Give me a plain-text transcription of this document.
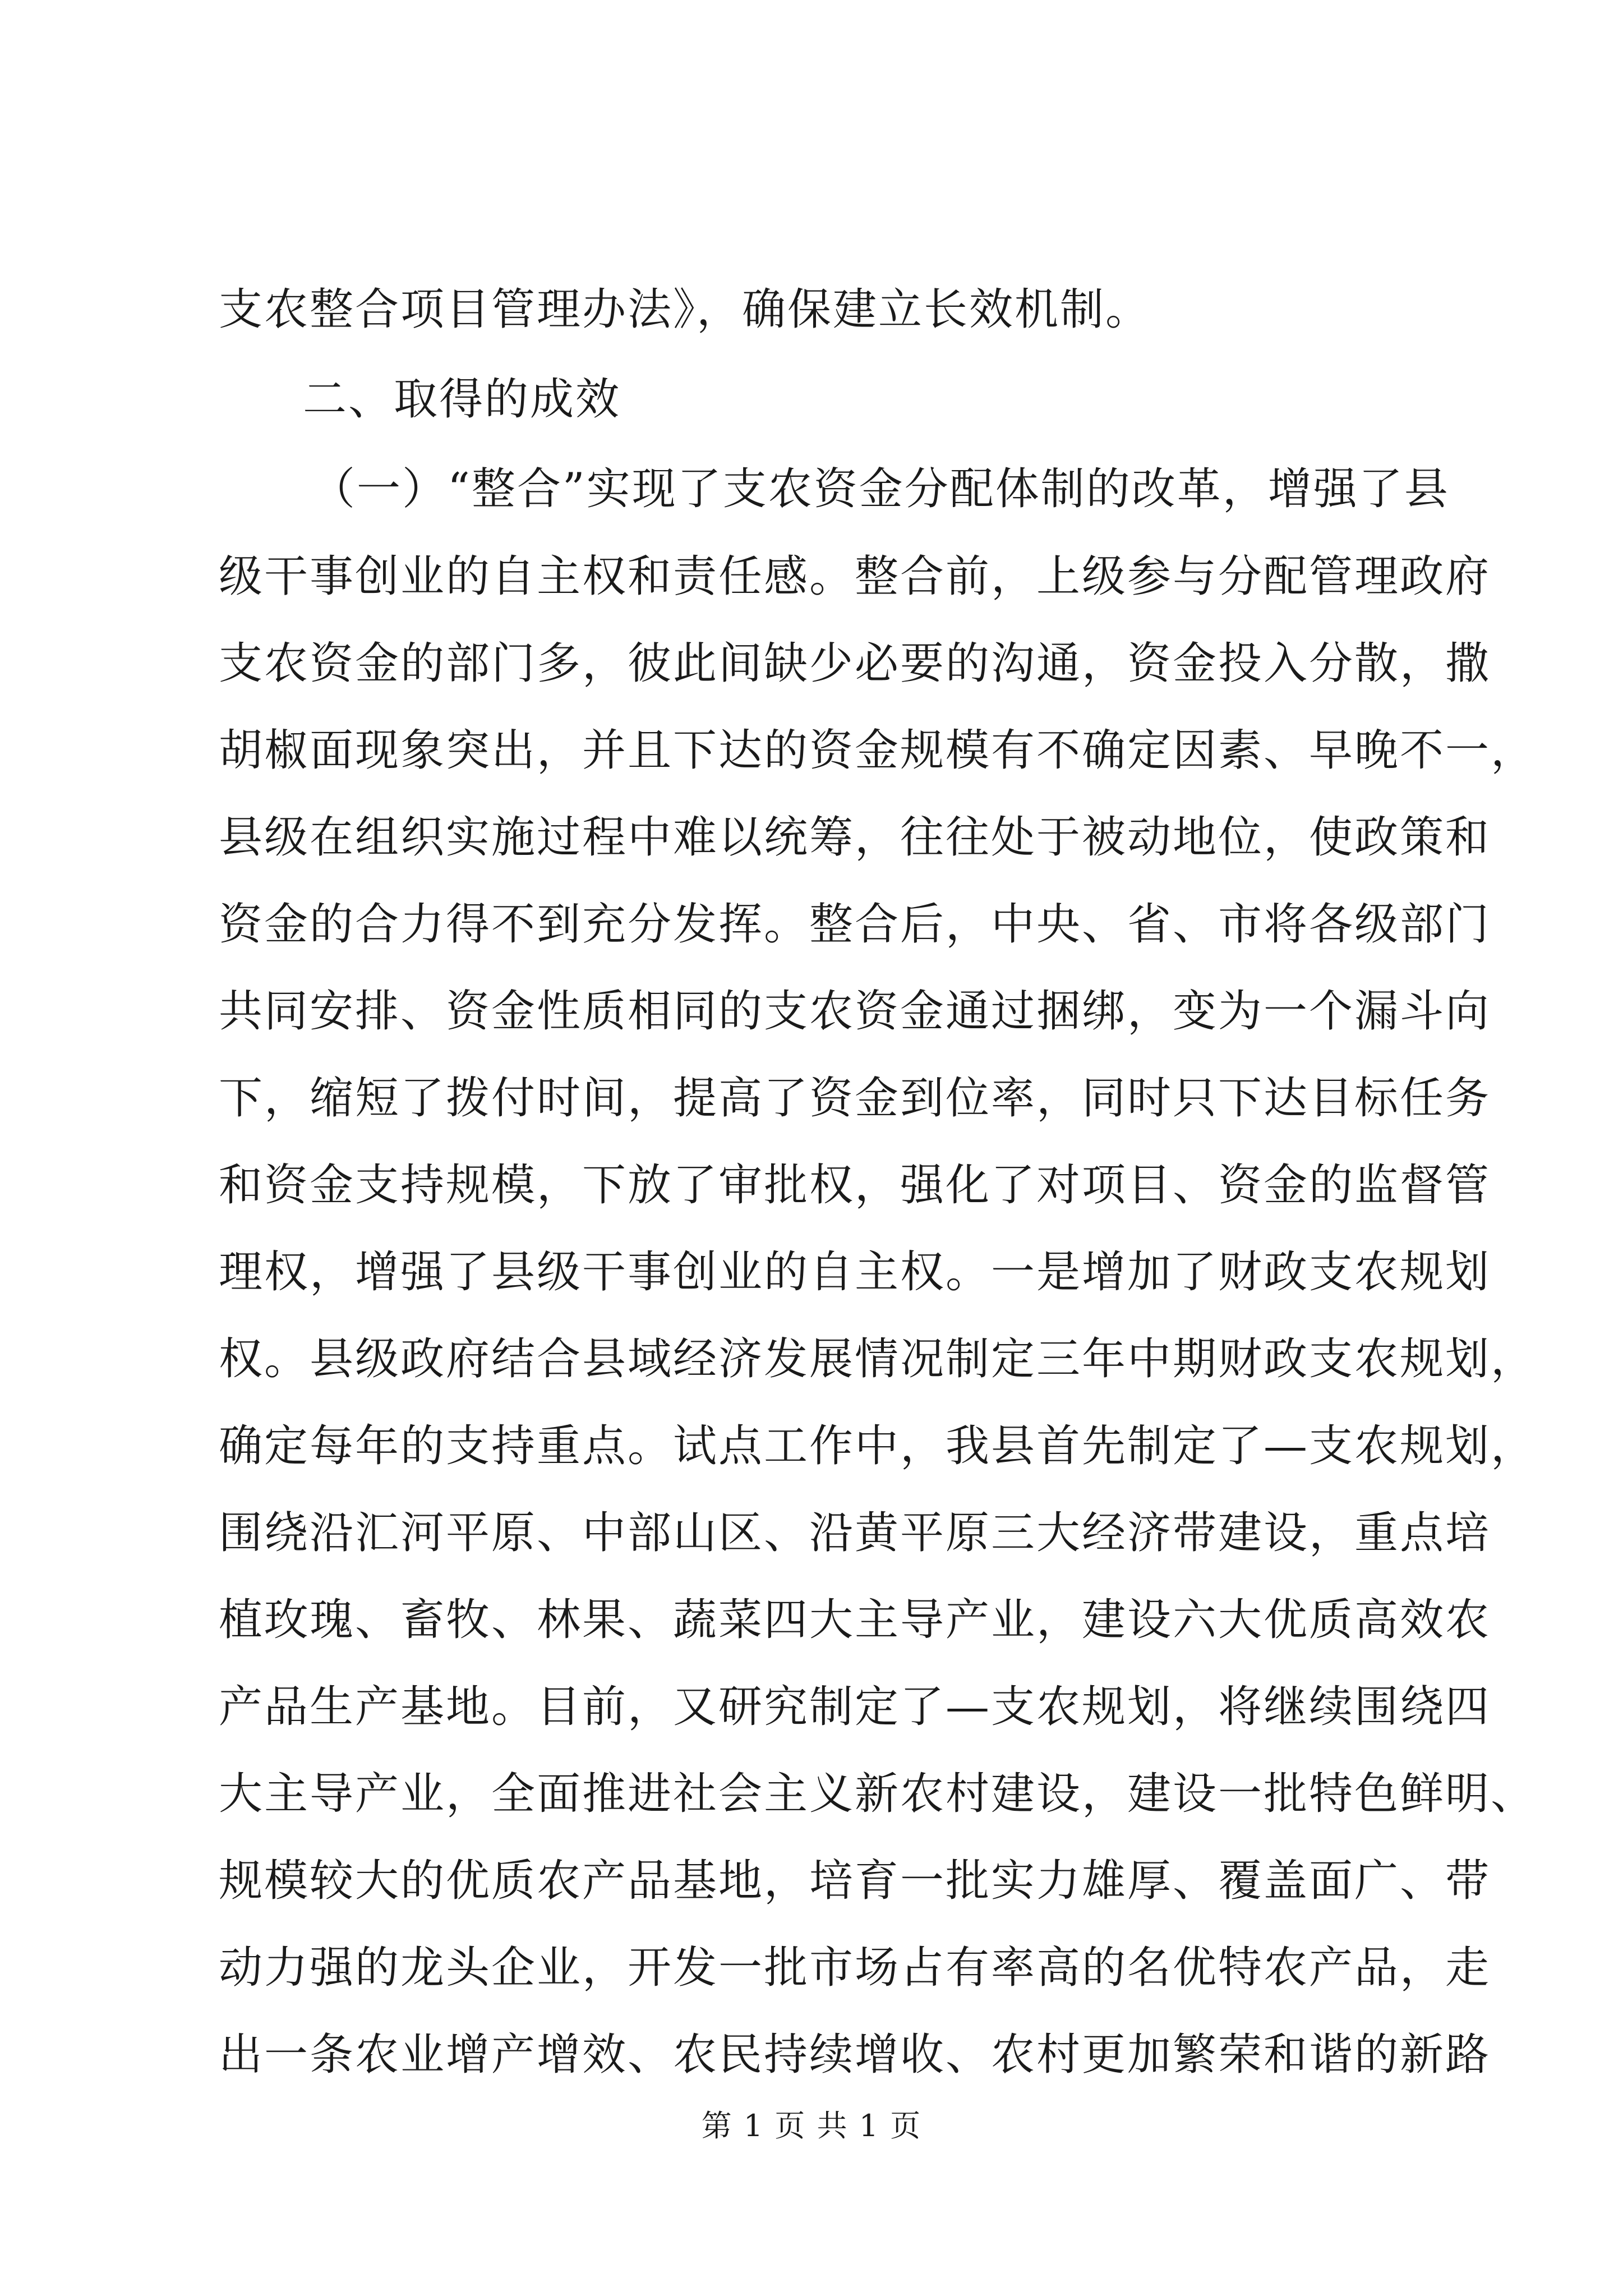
支农整合项目管理办法》，确保建立长效机制。
二、取得的成效
（一）“整合”实现了支农资金分配体制的改革，增强了县
级干事创业的自主权和责任感。整合前，上级参与分配管理政府
支农资金的部门多，彼此间缺少必要的沟通，资金投入分散，撒
胡椒面现象突出，并且下达的资金规模有不确定因素、早晚不一，
县级在组织实施过程中难以统筹，往往处于被动地位，使政策和
资金的合力得不到充分发挥。整合后，中央、省、市将各级部门
共同安排、资金性质相同的支农资金通过捆绑，变为一个漏斗向
下，缩短了拨付时间，提高了资金到位率，同时只下达目标任务
和资金支持规模，下放了审批权，强化了对项目、资金的监督管
理权，增强了县级干事创业的自主权。一是增加了财政支农规划
权。县级政府结合县域经济发展情况制定三年中期财政支农规划，
确定每年的支持重点。试点工作中，我县首先制定了—支农规划，
围绕沿汇河平原、中部山区、沿黄平原三大经济带建设，重点培
植玫瑰、畜牧、林果、蔬菜四大主导产业，建设六大优质高效农
产品生产基地。目前，又研究制定了—支农规划，将继续围绕四
大主导产业，全面推进社会主义新农村建设，建设一批特色鲜明、
规模较大的优质农产品基地，培育一批实力雄厚、覆盖面广、带
动力强的龙头企业，开发一批市场占有率高的名优特农产品，走
出一条农业增产增效、农民持续增收、农村更加繁荣和谐的新路
第 1 页 共 1 页
